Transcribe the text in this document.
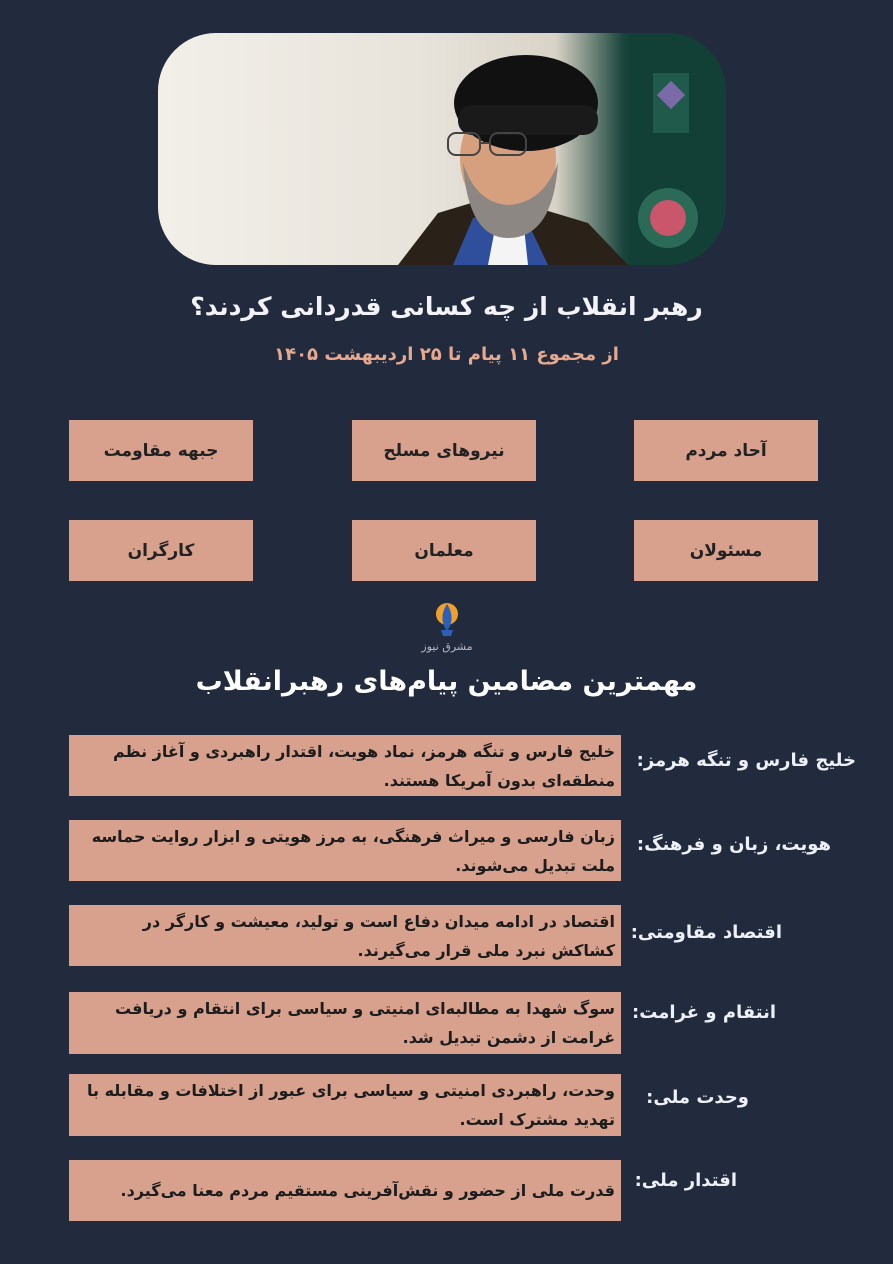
رهبر انقلاب از چه کسانی قدردانی کردند؟
از مجموع ۱۱ پیام تا ۲۵ اردیبهشت ۱۴۰۵
آحاد مردم
نیروهای مسلح
جبهه مقاومت
مسئولان
معلمان
کارگران
مشرق نیوز
مهمترین مضامین پیام‌های رهبرانقلاب
خلیج فارس و تنگه هرمز:
خلیج فارس و تنگه هرمز، نماد هویت، اقتدار راهبردی و آغاز نظم منطقه‌ای بدون آمریکا هستند.
هویت، زبان و فرهنگ:
زبان فارسی و میراث فرهنگی، به مرز هویتی و ابزار روایت حماسه ملت تبدیل می‌شوند.
اقتصاد مقاومتی:
اقتصاد در ادامه میدان دفاع است و تولید، معیشت و کارگر در کشاکش نبرد ملی قرار می‌گیرند.
انتقام و غرامت:
سوگ شهدا به مطالبه‌ای امنیتی و سیاسی برای انتقام و دریافت غرامت از دشمن تبدیل شد.
وحدت ملی:
وحدت، راهبردی امنیتی و سیاسی برای عبور از اختلافات و مقابله با تهدید مشترک است.
اقتدار ملی:
قدرت ملی از حضور و نقش‌آفرینی مستقیم مردم معنا می‌گیرد.
